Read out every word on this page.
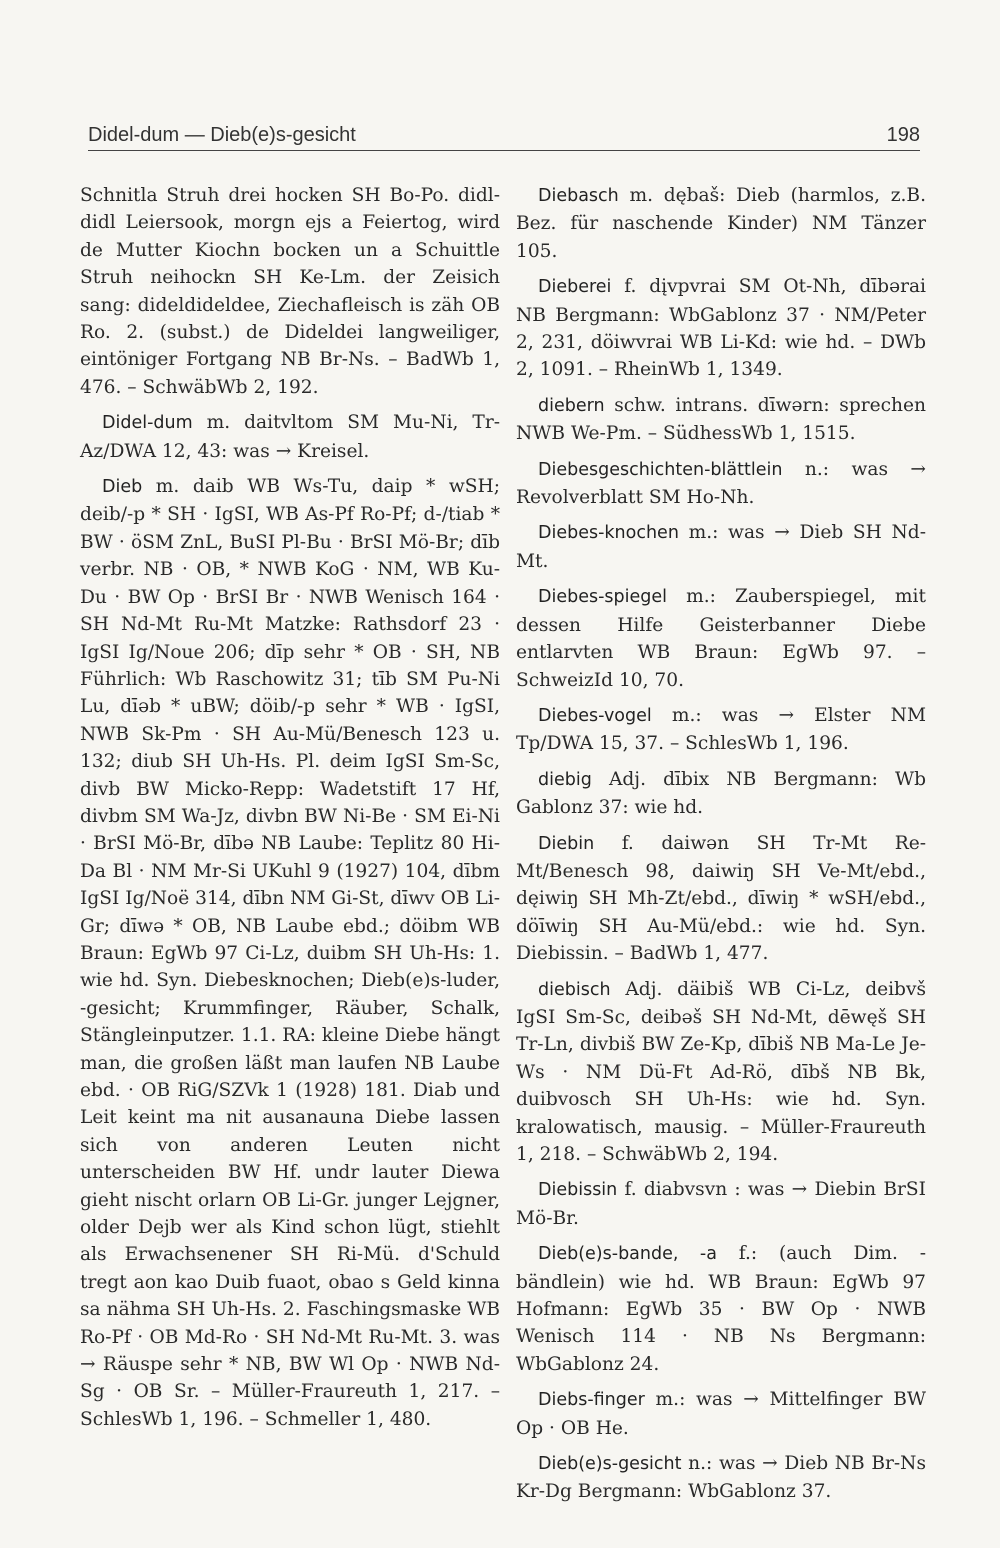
Didel-dum — Dieb(e)s-gesicht	198

Schnitla Struh drei hocken SH Bo-Po. didl-didl Leiersook, morgn ejs a Feiertog, wird de Mutter Kiochn bocken un a Schuittle Struh neihockn SH Ke-Lm. der Zeisich sang: dideldideldee, Ziechafleisch is zäh OB Ro. 2. (subst.) de Dideldei langweiliger, eintöniger Fortgang NB Br-Ns. – BadWb 1, 476. – SchwäbWb 2, 192.

Didel-dum m. daitvltom SM Mu-Ni, Tr-Az/DWA 12, 43: was → Kreisel.

Dieb m. daib WB Ws-Tu, daip * wSH; deib/-p * SH · IgSI, WB As-Pf Ro-Pf; d-/tiab * BW · öSM ZnL, BuSI Pl-Bu · BrSI Mö-Br; dīb verbr. NB · OB, * NWB KoG · NM, WB Ku-Du · BW Op · BrSI Br · NWB Wenisch 164 · SH Nd-Mt Ru-Mt Matzke: Rathsdorf 23 · IgSI Ig/Noue 206; dīp sehr * OB · SH, NB Führlich: Wb Raschowitz 31; tīb SM Pu-Ni Lu, dīəb * uBW; döib/-p sehr * WB · IgSI, NWB Sk-Pm · SH Au-Mü/Benesch 123 u. 132; diub SH Uh-Hs. Pl. deim IgSI Sm-Sc, divb BW Micko-Repp: Wadetstift 17 Hf, divbm SM Wa-Jz, divbn BW Ni-Be · SM Ei-Ni · BrSI Mö-Br, dībə NB Laube: Teplitz 80 Hi-Da Bl · NM Mr-Si UKuhl 9 (1927) 104, dībm IgSI Ig/Noë 314, dībn NM Gi-St, dīwv OB Li-Gr; dīwə * OB, NB Laube ebd.; döibm WB Braun: EgWb 97 Ci-Lz, duibm SH Uh-Hs: 1. wie hd. Syn. Diebesknochen; Dieb(e)s-luder, -gesicht; Krummfinger, Räuber, Schalk, Stängleinputzer. 1.1. RA: kleine Diebe hängt man, die großen läßt man laufen NB Laube ebd. · OB RiG/SZVk 1 (1928) 181. Diab und Leit keint ma nit ausanauna Diebe lassen sich von anderen Leuten nicht unterscheiden BW Hf. undr lauter Diewa gieht nischt orlarn OB Li-Gr. junger Lejgner, older Dejb wer als Kind schon lügt, stiehlt als Erwachsenener SH Ri-Mü. d'Schuld tregt aon kao Duib fuaot, obao s Geld kinna sa nähma SH Uh-Hs. 2. Faschingsmaske WB Ro-Pf · OB Md-Ro · SH Nd-Mt Ru-Mt. 3. was → Räuspe sehr * NB, BW Wl Op · NWB Nd-Sg · OB Sr. – Müller-Fraureuth 1, 217. – SchlesWb 1, 196. – Schmeller 1, 480.

Diebasch m. dębaš: Dieb (harmlos, z.B. Bez. für naschende Kinder) NM Tänzer 105.

Dieberei f. dįvpvrai SM Ot-Nh, dībərai NB Bergmann: WbGablonz 37 · NM/Peter 2, 231, döiwvrai WB Li-Kd: wie hd. – DWb 2, 1091. – RheinWb 1, 1349.

diebern schw. intrans. dīwərn: sprechen NWB We-Pm. – SüdhessWb 1, 1515.

Diebesgeschichten-blättlein n.: was → Revolverblatt SM Ho-Nh.

Diebes-knochen m.: was → Dieb SH Nd-Mt.

Diebes-spiegel m.: Zauberspiegel, mit dessen Hilfe Geisterbanner Diebe entlarvten WB Braun: EgWb 97. – SchweizId 10, 70.

Diebes-vogel m.: was → Elster NM Tp/DWA 15, 37. – SchlesWb 1, 196.

diebig Adj. dībix NB Bergmann: Wb Gablonz 37: wie hd.

Diebin f. daiwən SH Tr-Mt Re-Mt/Benesch 98, daiwiŋ SH Ve-Mt/ebd., dęiwiŋ SH Mh-Zt/ebd., dīwiŋ * wSH/ebd., döīwiŋ SH Au-Mü/ebd.: wie hd. Syn. Diebissin. – BadWb 1, 477.

diebisch Adj. däibiš WB Ci-Lz, deibvš IgSI Sm-Sc, deibəš SH Nd-Mt, dēwęš SH Tr-Ln, divbiš BW Ze-Kp, dībiš NB Ma-Le Je-Ws · NM Dü-Ft Ad-Rö, dībš NB Bk, duibvosch SH Uh-Hs: wie hd. Syn. kralowatisch, mausig. – Müller-Fraureuth 1, 218. – SchwäbWb 2, 194.

Diebissin f. diabvsvn : was → Diebin BrSI Mö-Br.

Dieb(e)s-bande, -a f.: (auch Dim. -bändlein) wie hd. WB Braun: EgWb 97 Hofmann: EgWb 35 · BW Op · NWB Wenisch 114 · NB Ns Bergmann: WbGablonz 24.

Diebs-finger m.: was → Mittelfinger BW Op · OB He.

Dieb(e)s-gesicht n.: was → Dieb NB Br-Ns Kr-Dg Bergmann: WbGablonz 37.
